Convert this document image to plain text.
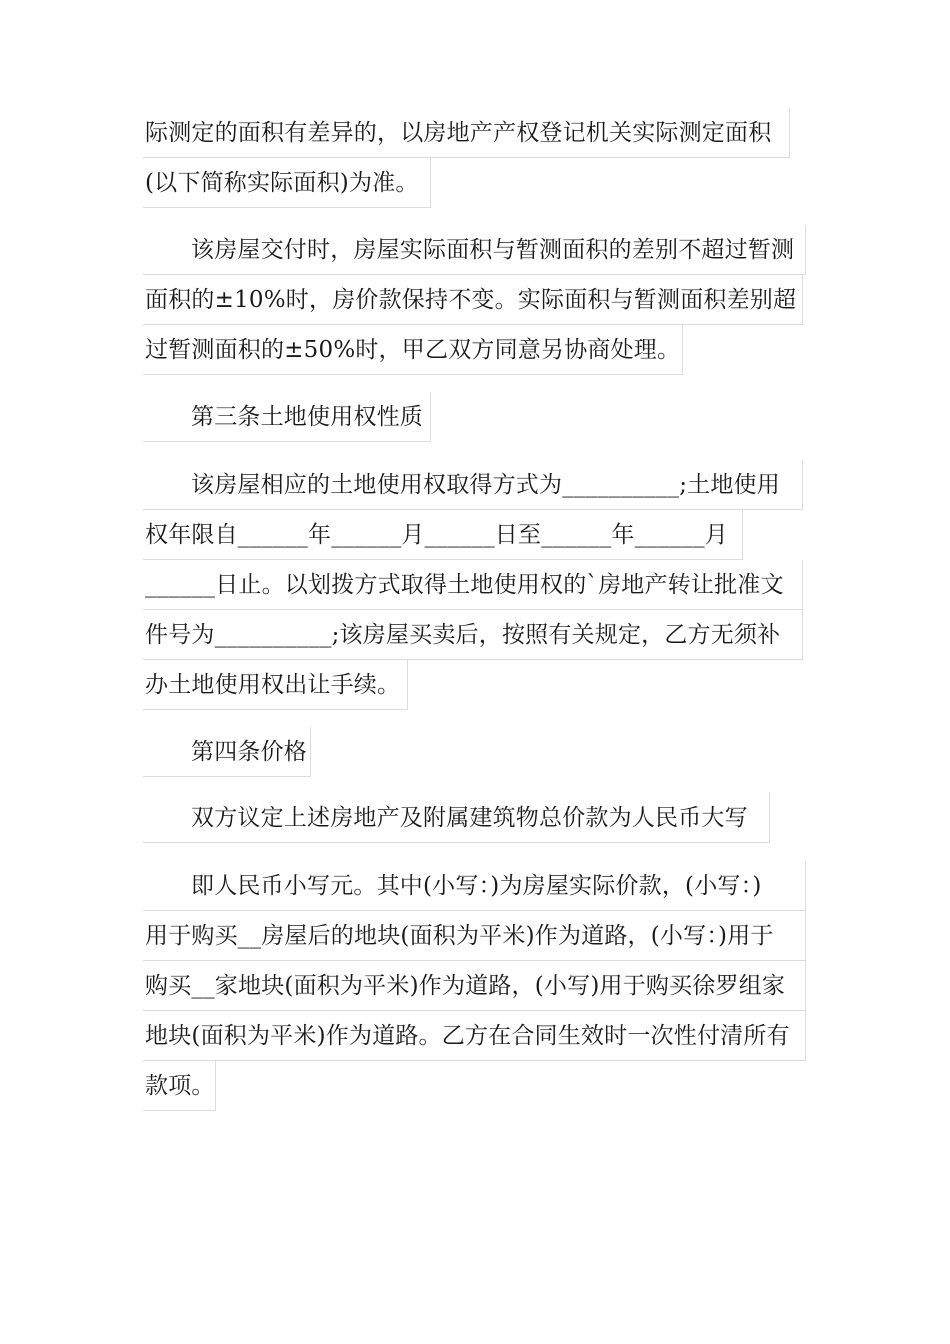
际测定的面积有差异的，以房地产产权登记机关实际测定面积
(以下简称实际面积)为准。
该房屋交付时，房屋实际面积与暂测面积的差别不超过暂测
面积的±10%时，房价款保持不变。实际面积与暂测面积差别超
过暂测面积的±50%时，甲乙双方同意另协商处理。
第三条土地使用权性质
该房屋相应的土地使用权取得方式为__________;土地使用
权年限自______年______月______日至______年______月
______日止。以划拨方式取得土地使用权的`房地产转让批准文
件号为__________;该房屋买卖后，按照有关规定，乙方无须补
办土地使用权出让手续。
第四条价格
双方议定上述房地产及附属建筑物总价款为人民币大写
即人民币小写元。其中(小写：)为房屋实际价款，(小写：)
用于购买__房屋后的地块(面积为平米)作为道路，(小写：)用于
购买__家地块(面积为平米)作为道路，(小写)用于购买徐罗组家
地块(面积为平米)作为道路。乙方在合同生效时一次性付清所有
款项。
